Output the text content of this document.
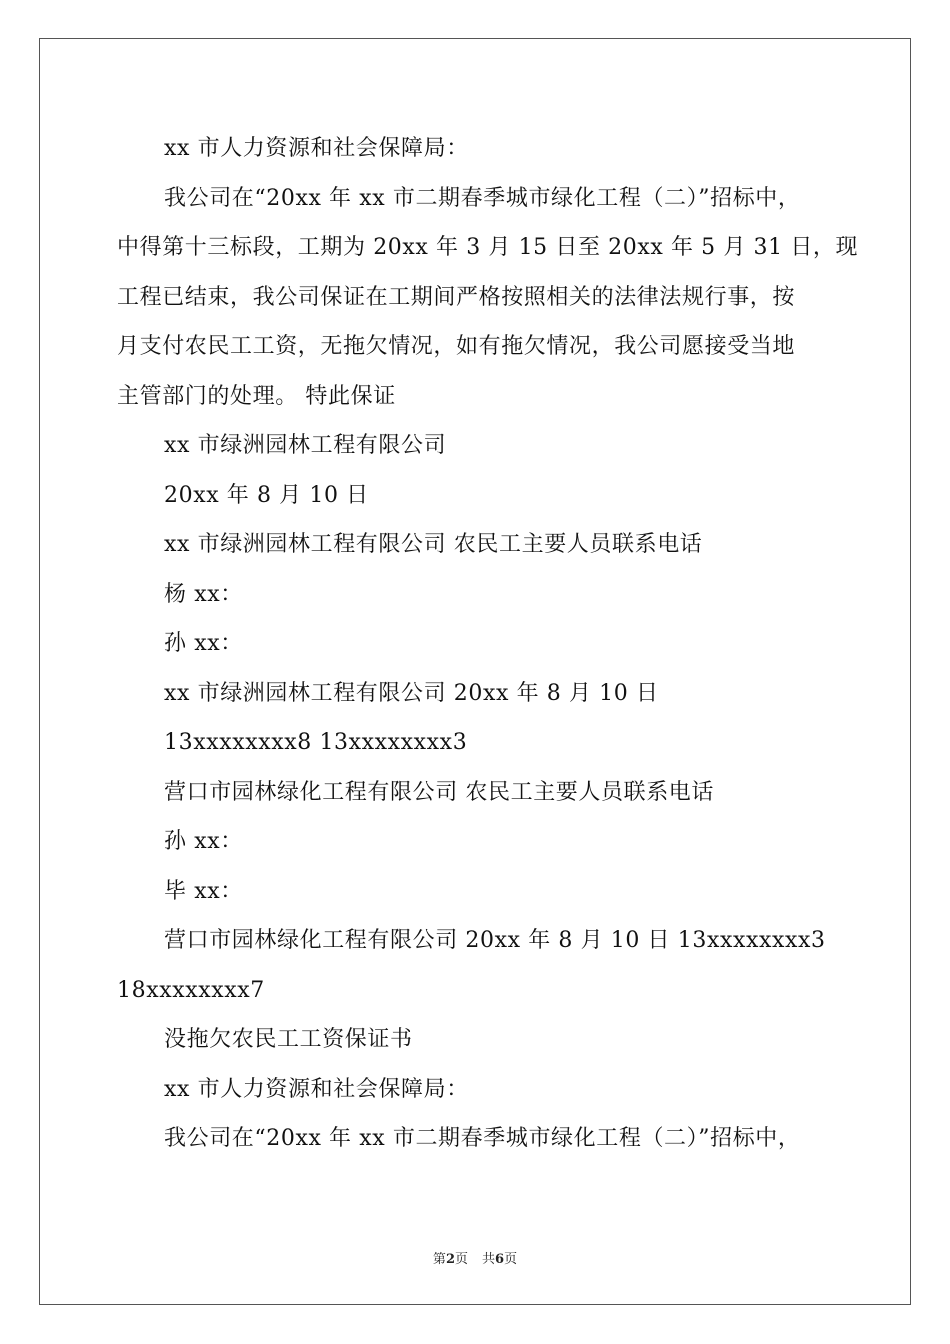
xx 市人力资源和社会保障局：
我公司在“20xx 年 xx 市二期春季城市绿化工程（二）”招标中，
中得第十三标段，工期为 20xx 年 3 月 15 日至 20xx 年 5 月 31 日，现
工程已结束，我公司保证在工期间严格按照相关的法律法规行事，按
月支付农民工工资，无拖欠情况，如有拖欠情况，我公司愿接受当地
主管部门的处理。 特此保证
xx 市绿洲园林工程有限公司
20xx 年 8 月 10 日
xx 市绿洲园林工程有限公司 农民工主要人员联系电话
杨 xx：
孙 xx：
xx 市绿洲园林工程有限公司 20xx 年 8 月 10 日
13xxxxxxxx8 13xxxxxxxx3
营口市园林绿化工程有限公司 农民工主要人员联系电话
孙 xx：
毕 xx：
营口市园林绿化工程有限公司 20xx 年 8 月 10 日 13xxxxxxxx3
18xxxxxxxx7
没拖欠农民工工资保证书
xx 市人力资源和社会保障局：
我公司在“20xx 年 xx 市二期春季城市绿化工程（二）”招标中，
第2页 共6页
